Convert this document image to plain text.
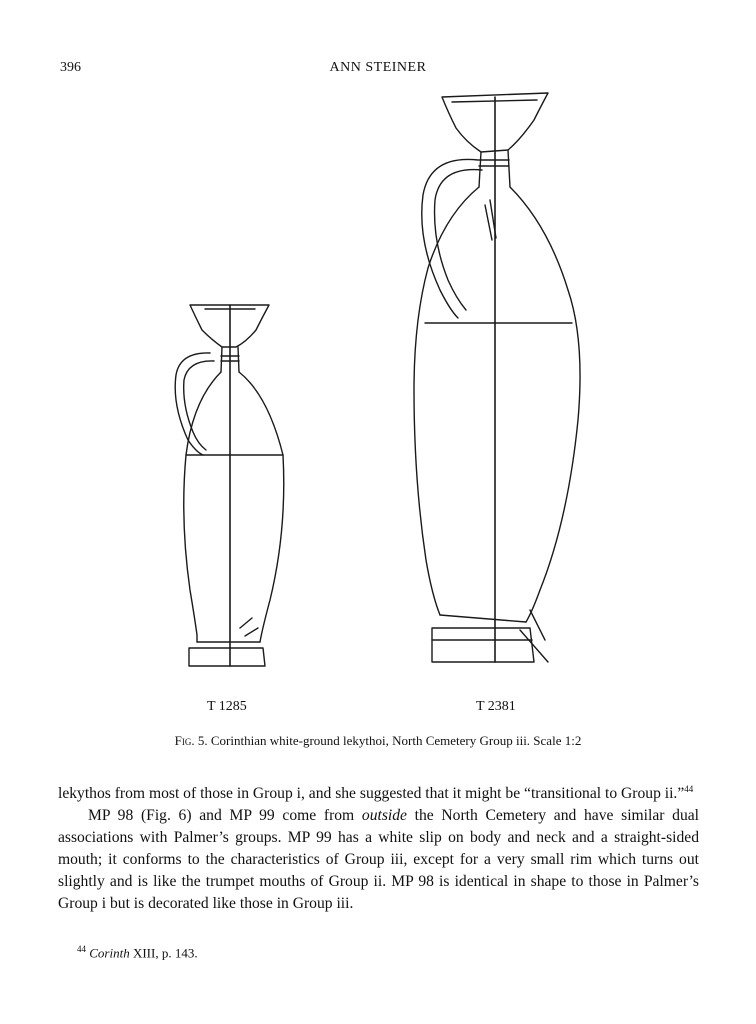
396	ANN STEINER
T 1285	T 2381
Fig. 5. Corinthian white-ground lekythoi, North Cemetery Group iii. Scale 1:2

lekythos from most of those in Group i, and she suggested that it might be “transitional to Group ii.”$^{44}$

MP 98 (Fig. 6) and MP 99 come from outside the North Cemetery and have similar dual associations with Palmer’s groups. MP 99 has a white slip on body and neck and a straight-sided mouth; it conforms to the characteristics of Group iii, except for a very small rim which turns out slightly and is like the trumpet mouths of Group ii. MP 98 is identical in shape to those in Palmer’s Group i but is decorated like those in Group iii.

$^{44}$ Corinth XIII, p. 143.
